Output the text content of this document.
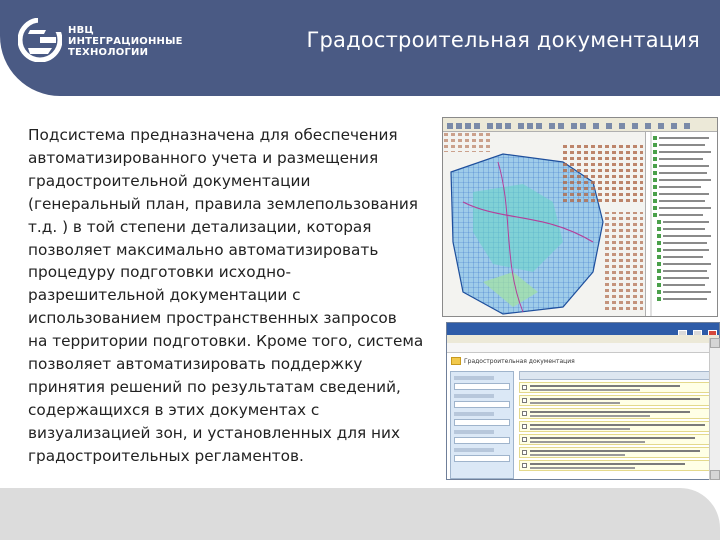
НВЦ
ИНТЕГРАЦИОННЫЕ
ТЕХНОЛОГИИ
Градостроительная документация
Подсистема предназначена для обеспечения
автоматизированного учета и размещения
градостроительной документации
(генеральный план, правила землепользования
т.д. ) в той степени детализации, которая
позволяет максимально автоматизировать
процедуру подготовки исходно-
разрешительной документации с
использованием пространственных запросов
на территории подготовки. Кроме того, система
позволяет автоматизировать поддержку
принятия решений по результатам сведений,
содержащихся в этих документах с
визуализацией зон, и установленных для них
градостроительных регламентов.

Градостроительная документация
